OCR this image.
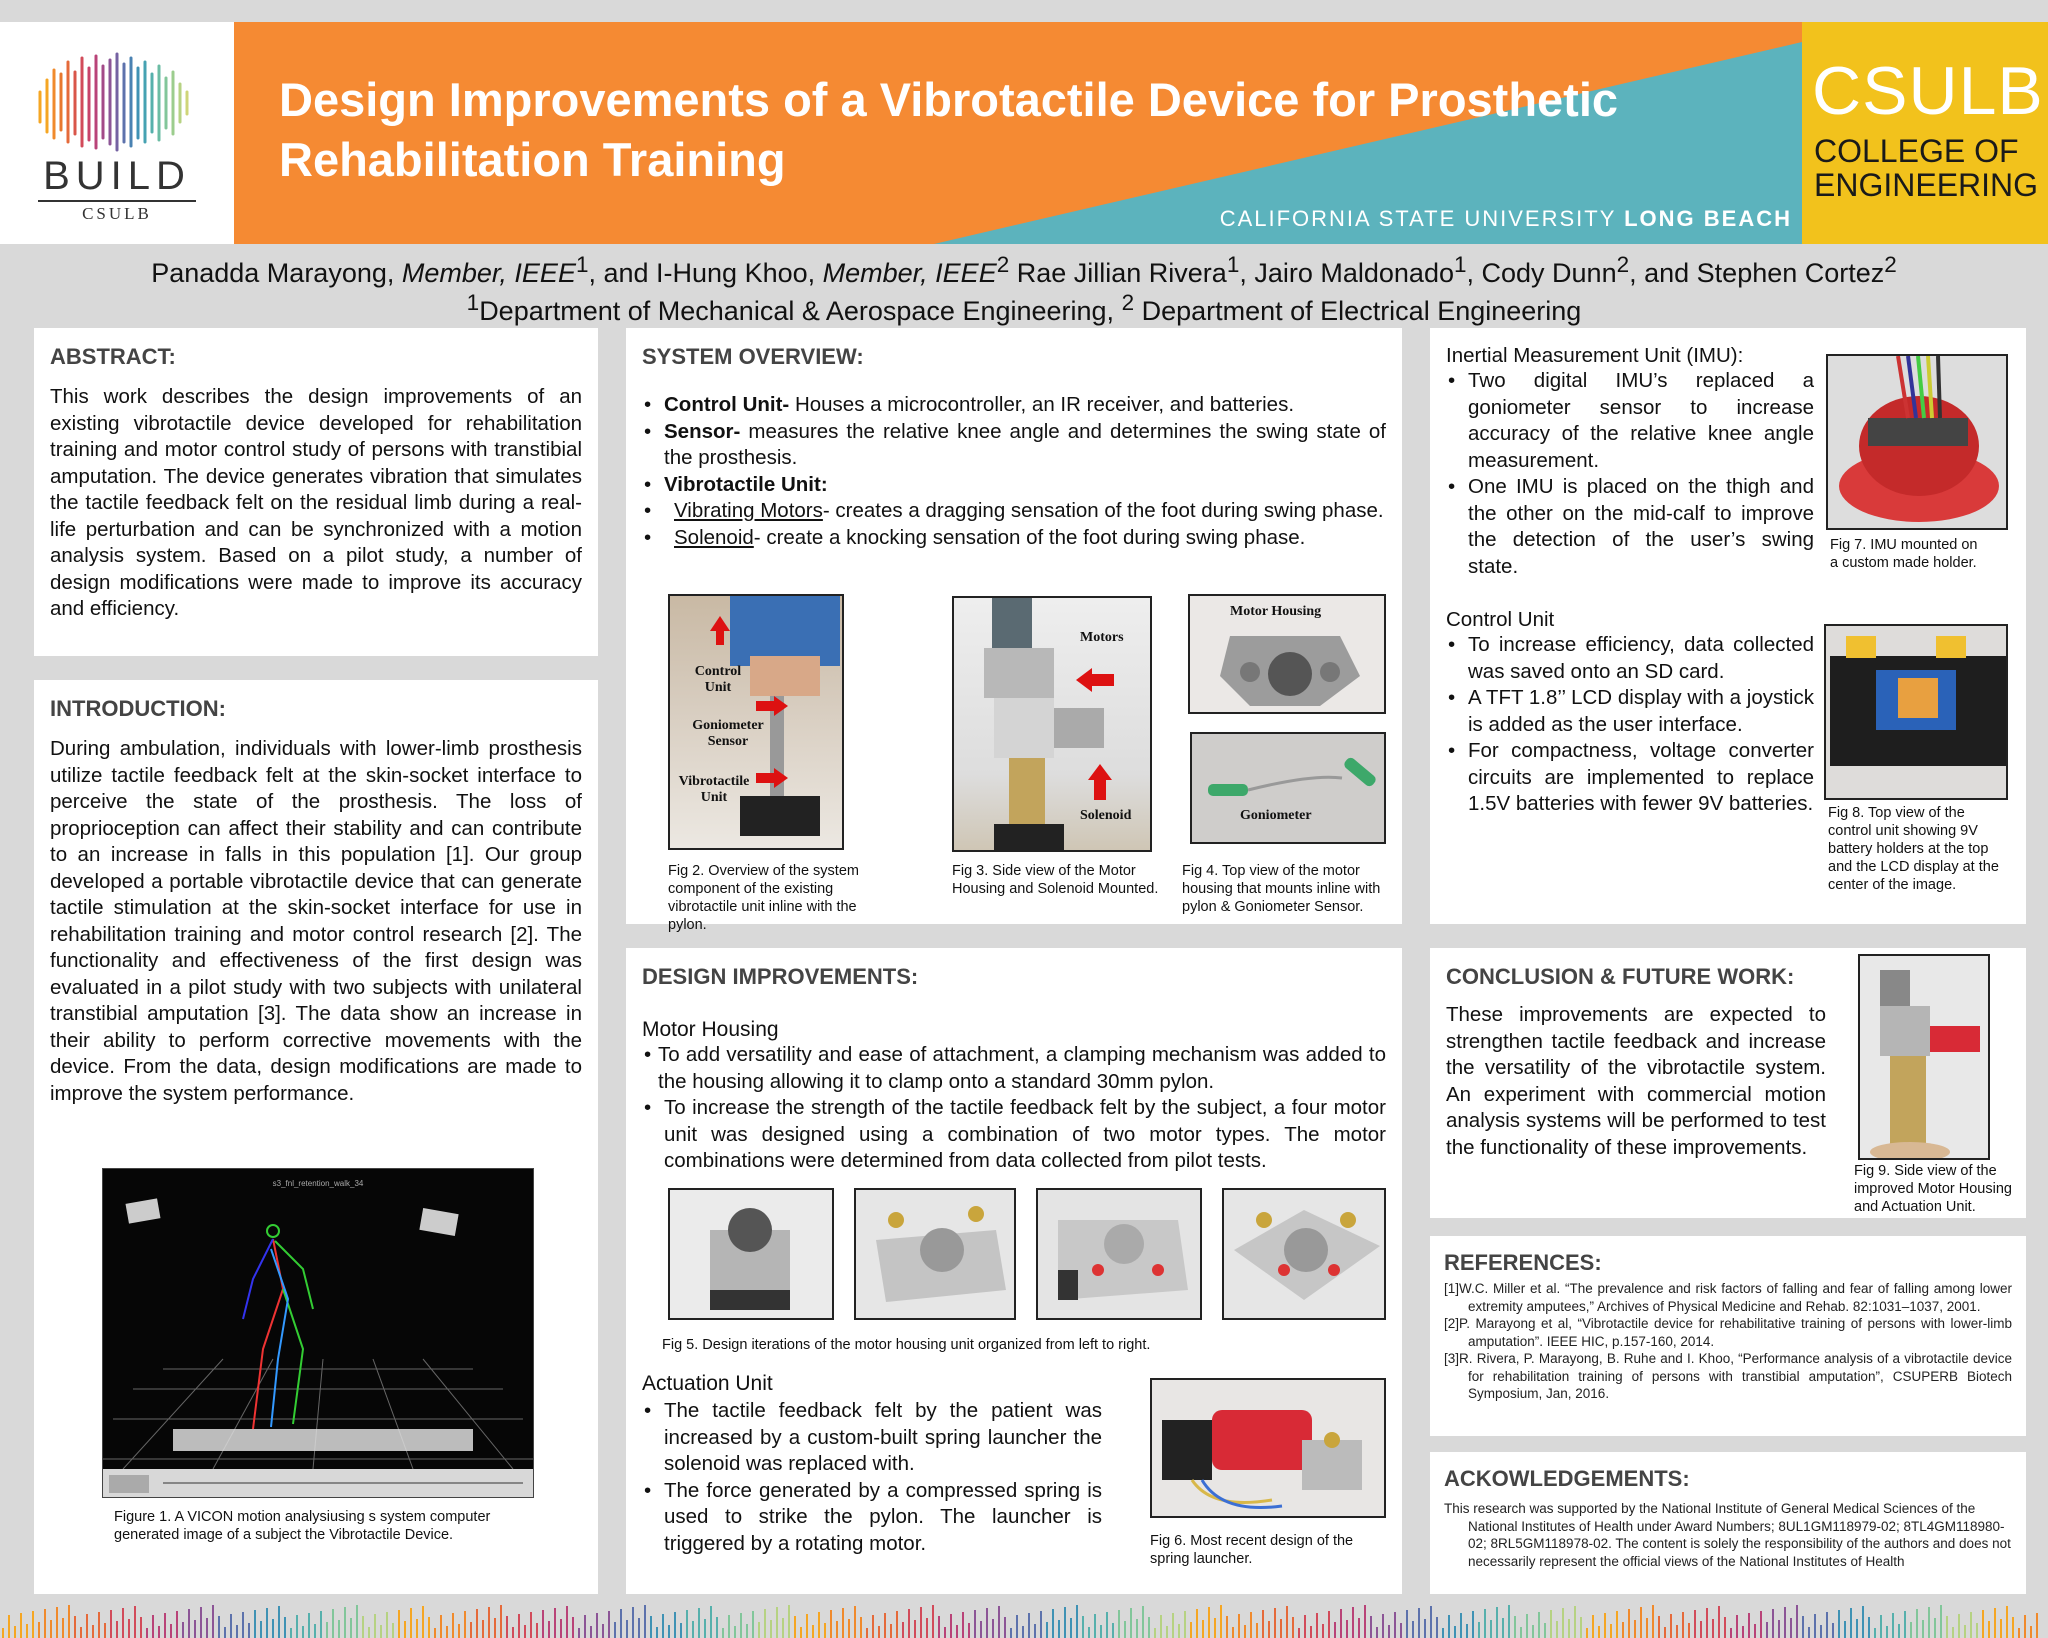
BUILD
CSULB
Design Improvements of a Vibrotactile Device for Prosthetic Rehabilitation Training
CALIFORNIA STATE UNIVERSITY LONG BEACH
CSULB
COLLEGE OF
ENGINEERING
Panadda Marayong, Member, IEEE$^1$, and I-Hung Khoo, Member, IEEE$^2$ Rae Jillian Rivera$^1$, Jairo Maldonado$^1$, Cody Dunn$^2$, and Stephen Cortez$^2$
$^1$Department of Mechanical & Aerospace Engineering, $^2$ Department of Electrical Engineering
ABSTRACT:
This work describes the design improvements of an existing vibrotactile device developed for rehabilitation training and motor control study of persons with transtibial amputation. The device generates vibration that simulates the tactile feedback felt on the residual limb during a real-life perturbation and can be synchronized with a motion analysis system. Based on a pilot study, a number of design modifications were made to improve its accuracy and efficiency.
INTRODUCTION:
During ambulation, individuals with lower-limb prosthesis utilize tactile feedback felt at the skin-socket interface to perceive the state of the prosthesis. The loss of proprioception can affect their stability and can contribute to an increase in falls in this population [1]. Our group developed a portable vibrotactile device that can generate tactile stimulation at the skin-socket interface for use in rehabilitation training and motor control research [2]. The functionality and effectiveness of the first design was evaluated in a pilot study with two subjects with unilateral transtibial amputation [3]. The data show an increase in their ability to perform corrective movements with the device. From the data, design modifications are made to improve the system performance.
s3_fnl_retention_walk_34
Figure 1. A VICON motion analysiusing s system computer generated image of a subject the Vibrotactile Device.
SYSTEM OVERVIEW:
• Control Unit- Houses a microcontroller, an IR receiver, and batteries.
• Sensor- measures the relative knee angle and determines the swing state of the prosthesis.
• Vibrotactile Unit:
• Vibrating Motors- creates a dragging sensation of the foot during swing phase.
• Solenoid- create a knocking sensation of the foot during swing phase.
Control Unit
Goniometer Sensor
Vibrotactile Unit
Fig 2. Overview of the system component of the existing vibrotactile unit inline with the pylon.
Motors
Solenoid
Fig 3. Side view of the Motor Housing and Solenoid Mounted.
Motor Housing
Goniometer
Fig 4. Top view of the motor housing that mounts inline with pylon & Goniometer Sensor.
DESIGN IMPROVEMENTS:
Motor Housing
• To add versatility and ease of attachment, a clamping mechanism was added to the housing allowing it to clamp onto a standard 30mm pylon.
• To increase the strength of the tactile feedback felt by the subject, a four motor unit was designed using a combination of two motor types. The motor combinations were determined from data collected from pilot tests.
Fig 5. Design iterations of the motor housing unit organized from left to right.
Actuation Unit
• The tactile feedback felt by the patient was increased by a custom-built spring launcher the solenoid was replaced with.
• The force generated by a compressed spring is used to strike the pylon. The launcher is triggered by a rotating motor.	Fig 6. Most recent design of the spring launcher.
Inertial Measurement Unit (IMU):
• Two digital IMU’s replaced a goniometer sensor to increase accuracy of the relative knee angle measurement.
• One IMU is placed on the thigh and the other on the mid-calf to improve the detection of the user’s swing state.
Control Unit
• To increase efficiency, data collected was saved onto an SD card.
• A TFT 1.8’’ LCD display with a joystick is added as the user interface.
• For compactness, voltage converter circuits are implemented to replace 1.5V batteries with fewer 9V batteries.
Fig 7. IMU mounted on a custom made holder.
Fig 8. Top view of the control unit showing 9V battery holders at the top and the LCD display at the center of the image.
CONCLUSION & FUTURE WORK:
These improvements are expected to strengthen tactile feedback and increase the versatility of the vibrotactile system. An experiment with commercial motion analysis systems will be performed to test the functionality of these improvements.
Fig 9. Side view of the improved Motor Housing and Actuation Unit.
REFERENCES:
[1]W.C. Miller et al. “The prevalence and risk factors of falling and fear of falling among lower extremity amputees,” Archives of Physical Medicine and Rehab. 82:1031–1037, 2001.
[2]P. Marayong et al, “Vibrotactile device for rehabilitative training of persons with lower-limb amputation”. IEEE HIC, p.157-160, 2014.
[3]R. Rivera, P. Marayong, B. Ruhe and I. Khoo, “Performance analysis of a vibrotactile device for rehabilitation training of persons with transtibial amputation”, CSUPERB Biotech Symposium, Jan, 2016.
ACKOWLEDGEMENTS:
This research was supported by the National Institute of General Medical Sciences of the National Institutes of Health under Award Numbers; 8UL1GM118979-02; 8TL4GM118980-02; 8RL5GM118978-02. The content is solely the responsibility of the authors and does not necessarily represent the official views of the National Institutes of Health
